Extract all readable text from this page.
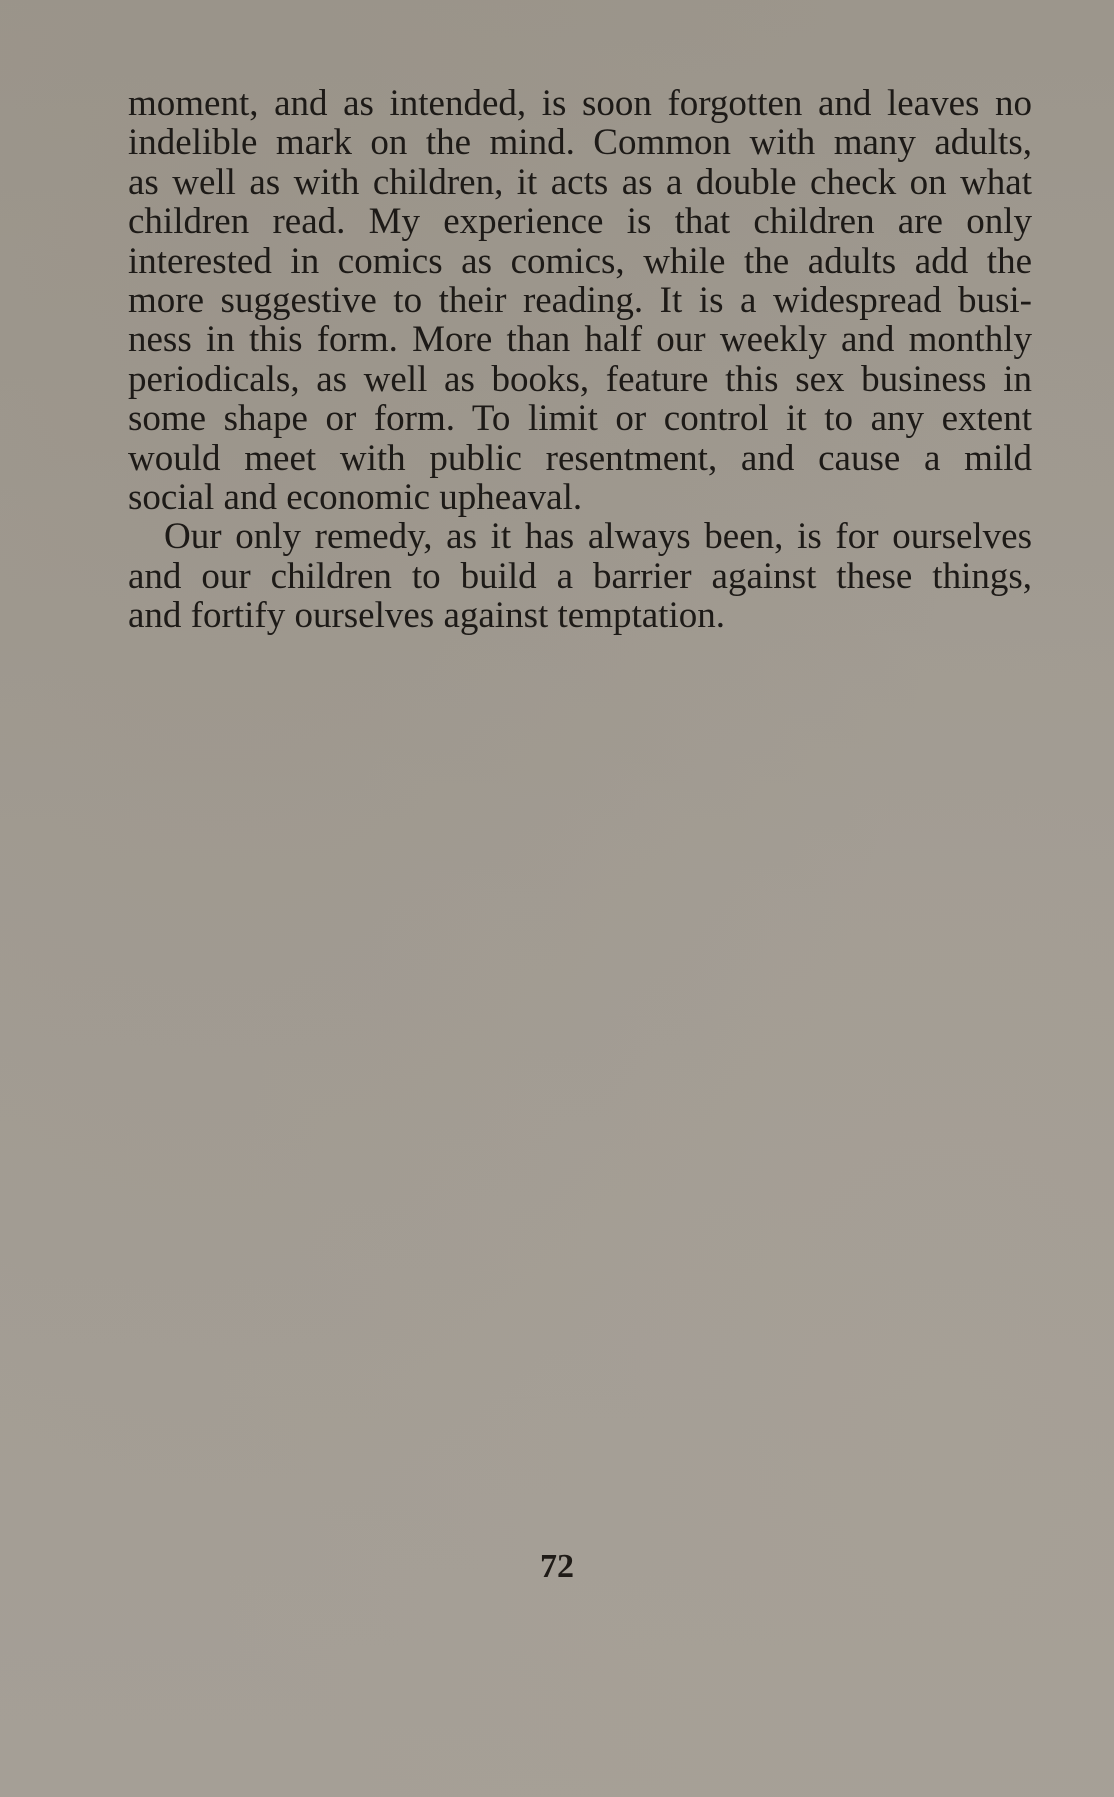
moment, and as intended, is soon forgotten and leaves no
indelible mark on the mind. Common with many adults,
as well as with children, it acts as a double check on what
children read. My experience is that children are only
interested in comics as comics, while the adults add the
more suggestive to their reading. It is a widespread busi-
ness in this form. More than half our weekly and monthly
periodicals, as well as books, feature this sex business in
some shape or form. To limit or control it to any extent
would meet with public resentment, and cause a mild
social and economic upheaval.
Our only remedy, as it has always been, is for ourselves
and our children to build a barrier against these things,
and fortify ourselves against temptation.
72
